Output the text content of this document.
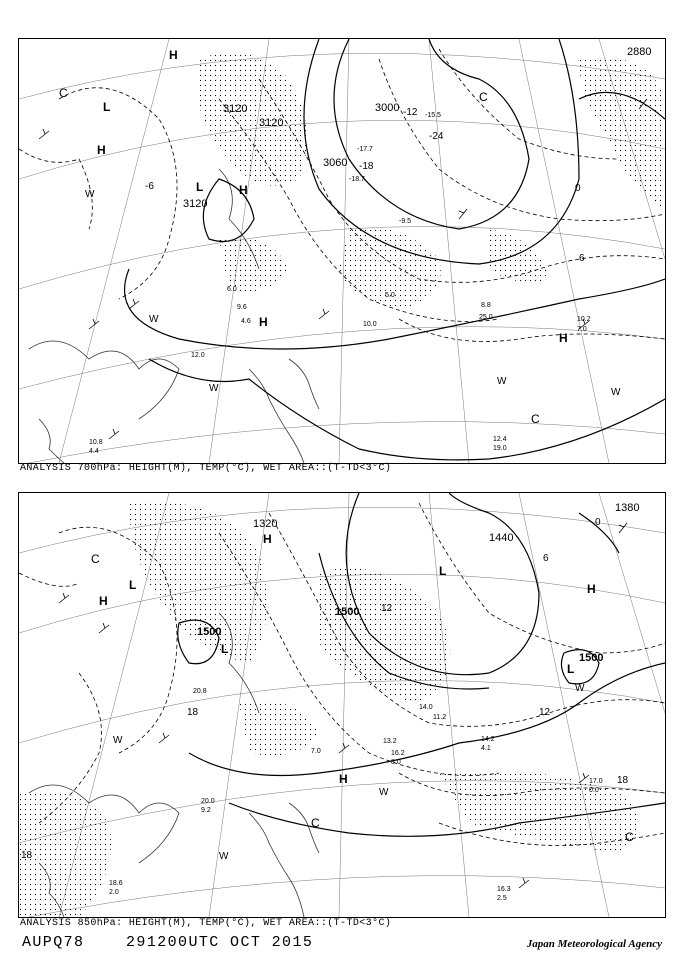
3120
3120
3120
3060
2880
3000
L
L
H
H
H
H
H
C	C
C
-6
-12
-18
-24
0
6
W
W
W
W
W
-15.5
-17.7
-18.7
8.8
25.0	10.2
7.0
12.4
19.0
10.8
4.4
6.0
10.0
9.6
5.0
12.0
4.6
-9.5
ANALYSIS 700hPa: HEIGHT(M), TEMP(°C), WET AREA::(T-TD<3°C)
1500
1500
1500
1380
1440
1320
L
L
L
L
H
H
H
H
C
C
C
12
12
18
18
18
W
W
W
W
6
0
17.0
0.0
14.2
4.1
16.2
8.0
13.2
11.2
20.0
9.2
18.6
2.0	16.3
2.5
7.0
14.0
20.8
ANALYSIS 850hPa: HEIGHT(M), TEMP(°C), WET AREA::(T-TD<3°C)
AUPQ78	291200UTC OCT 2015	Japan Meteorological Agency
